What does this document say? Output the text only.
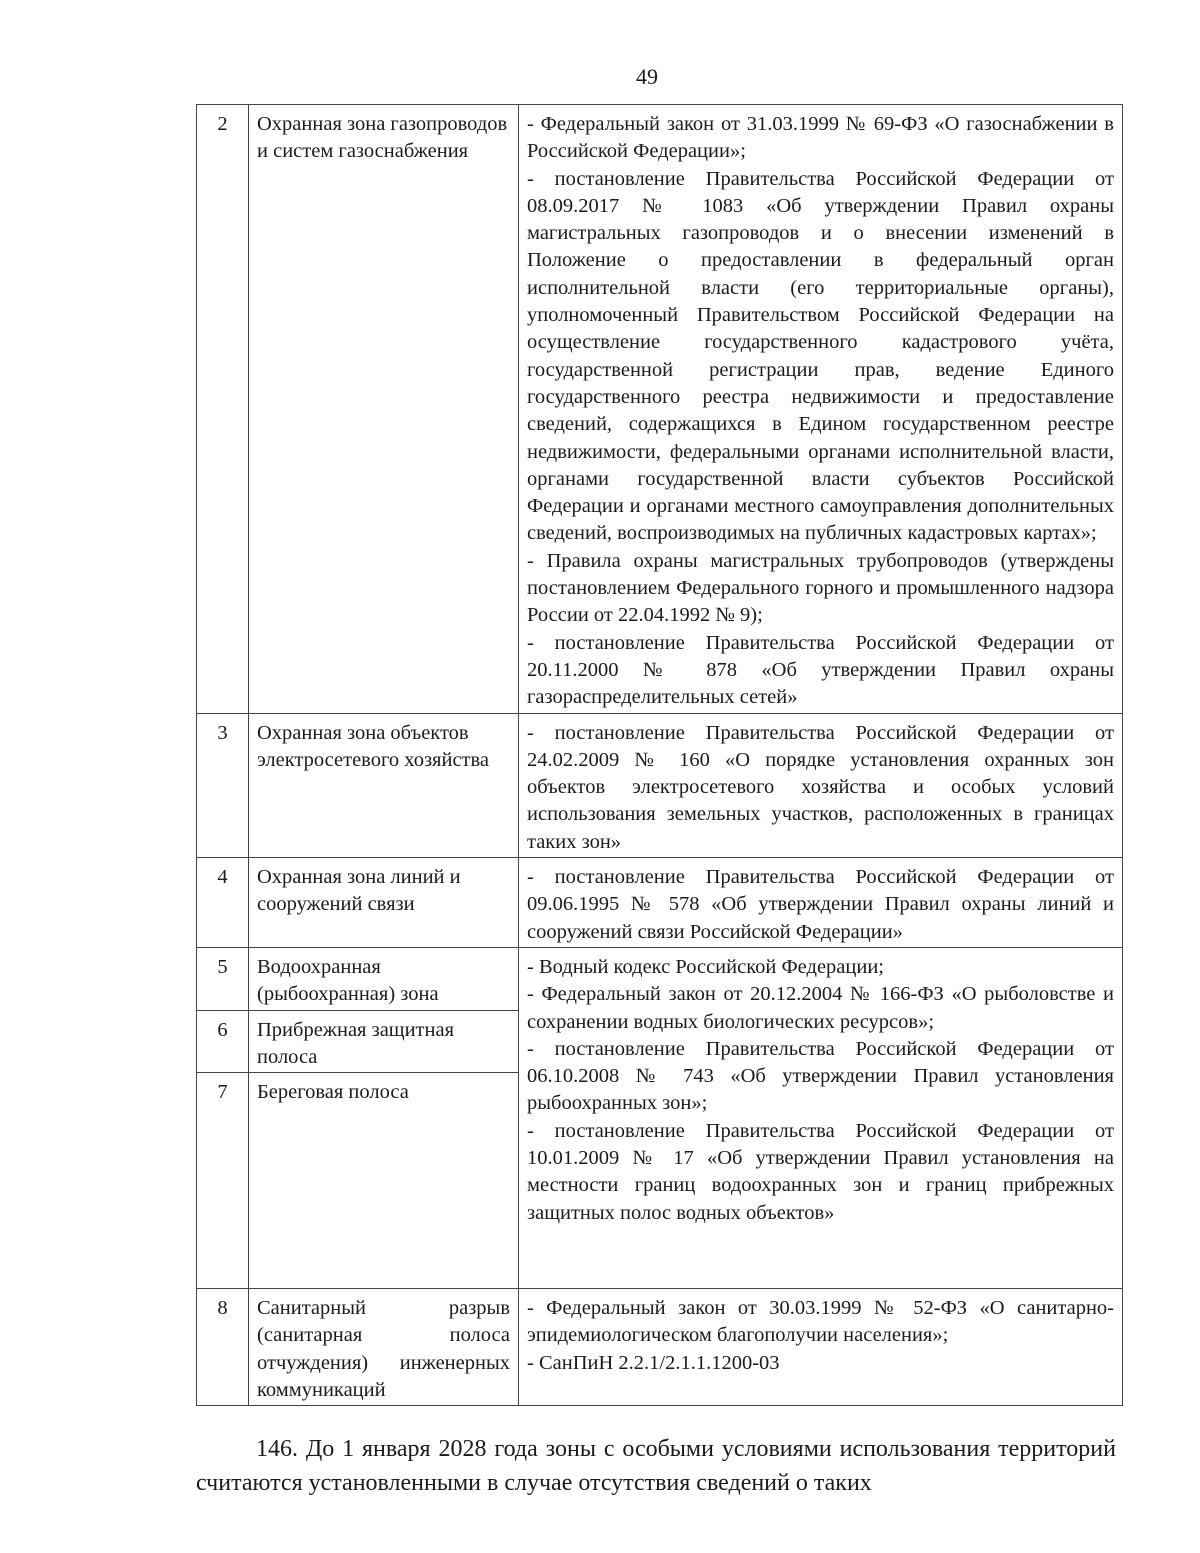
49
2	Охранная зона газопроводов и систем газоснабжения	- Федеральный закон от 31.03.1999 № 69-ФЗ «О газоснабжении в Российской Федерации»;

- постановление Правительства Российской Федерации от 08.09.2017 № 1083 «Об утверждении Правил охраны магистральных газопроводов и о внесении изменений в Положение о предоставлении в федеральный орган исполнительной власти (его территориальные органы), уполномоченный Правительством Российской Федерации на осуществление государственного кадастрового учёта, государственной регистрации прав, ведение Единого государственного реестра недвижимости и предоставление сведений, содержащихся в Едином государственном реестре недвижимости, федеральными органами исполнительной власти, органами государственной власти субъектов Российской Федерации и органами местного самоуправления дополнительных сведений, воспроизводимых на публичных кадастровых картах»;

- Правила охраны магистральных трубопроводов (утверждены постановлением Федерального горного и промышленного надзора России от 22.04.1992 № 9);

- постановление Правительства Российской Федерации от 20.11.2000 № 878 «Об утверждении Правил охраны газораспределительных сетей»

3	Охранная зона объектов электросетевого хозяйства	- постановление Правительства Российской Федерации от 24.02.2009 № 160 «О порядке установления охранных зон объектов электросетевого хозяйства и особых условий использования земельных участков, расположенных в границах таких зон»

4	Охранная зона линий и сооружений связи	- постановление Правительства Российской Федерации от 09.06.1995 № 578 «Об утверждении Правил охраны линий и сооружений связи Российской Федерации»

5	Водоохранная (рыбоохранная) зона	- Водный кодекс Российской Федерации;

- Федеральный закон от 20.12.2004 № 166-ФЗ «О рыболовстве и сохранении водных биологических ресурсов»;

- постановление Правительства Российской Федерации от 06.10.2008 № 743 «Об утверждении Правил установления рыбоохранных зон»;

- постановление Правительства Российской Федерации от 10.01.2009 № 17 «Об утверждении Правил установления на местности границ водоохранных зон и границ прибрежных защитных полос водных объектов»

6	Прибрежная защитная полоса	
7	Береговая полоса	
8	Санитарный разрыв (санитарная полоса отчуждения) инженерных коммуникаций	- Федеральный закон от 30.03.1999 № 52-ФЗ «О санитарно-эпидемиологическом благополучии населения»;

- СанПиН 2.2.1/2.1.1.1200-03

146. До 1 января 2028 года зоны с особыми условиями использования территорий считаются установленными в случае отсутствия сведений о таких
